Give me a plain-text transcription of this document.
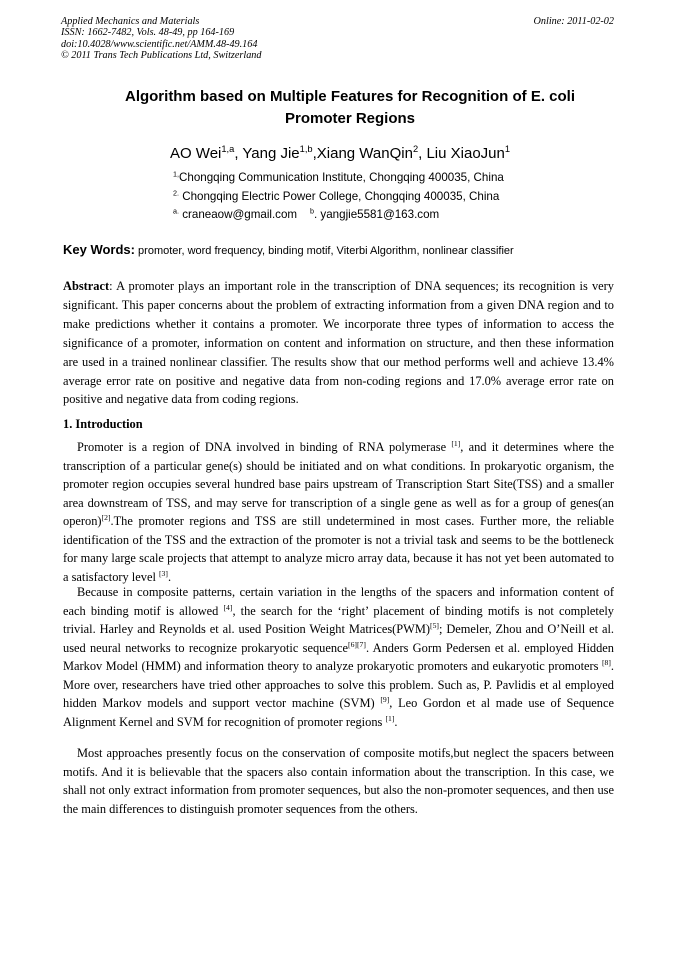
Applied Mechanics and Materials
ISSN: 1662-7482, Vols. 48-49, pp 164-169
doi:10.4028/www.scientific.net/AMM.48-49.164
© 2011 Trans Tech Publications Ltd, Switzerland
Online: 2011-02-02
Algorithm based on Multiple Features for Recognition of E. coli Promoter Regions
AO Wei$^{1,a}$, Yang Jie$^{1,b}$,Xiang WanQin$^2$, Liu XiaoJun$^1$
$^{1,}$Chongqing Communication Institute, Chongqing 400035, China
$^{2.}$ Chongqing Electric Power College, Chongqing 400035, China
$^{a.}$ craneaow@gmail.com $^b$. yangjie5581@163.com
Key Words: promoter, word frequency, binding motif, Viterbi Algorithm, nonlinear classifier

Abstract: A promoter plays an important role in the transcription of DNA sequences; its recognition is very significant. This paper concerns about the problem of extracting information from a given DNA region and to make predictions whether it contains a promoter. We incorporate three types of information to access the significance of a promoter, information on content and information on structure, and then these information are used in a trained nonlinear classifier. The results show that our method performs well and achieve 13.4% average error rate on positive and negative data from non-coding regions and 17.0% average error rate on positive and negative data from coding regions.

1. Introduction

Promoter is a region of DNA involved in binding of RNA polymerase [1], and it determines where the transcription of a particular gene(s) should be initiated and on what conditions. In prokaryotic organism, the promoter region occupies several hundred base pairs upstream of Transcription Start Site(TSS) and a smaller area downstream of TSS, and may serve for transcription of a single gene as well as for a group of genes(an operon)[2].The promoter regions and TSS are still undetermined in most cases. Further more, the reliable identification of the TSS and the extraction of the promoter is not a trivial task and seems to be the bottleneck for many large scale projects that attempt to analyze micro array data, because it has not yet been automated to a satisfactory level [3].

Because in composite patterns, certain variation in the lengths of the spacers and information content of each binding motif is allowed [4], the search for the ‘right’ placement of binding motifs is not completely trivial. Harley and Reynolds et al. used Position Weight Matrices(PWM)[5]; Demeler, Zhou and O’Neill et al. used neural networks to recognize prokaryotic sequence[6][7]. Anders Gorm Pedersen et al. employed Hidden Markov Model (HMM) and information theory to analyze prokaryotic promoters and eukaryotic promoters [8]. More over, researchers have tried other approaches to solve this problem. Such as, P. Pavlidis et al employed hidden Markov models and support vector machine (SVM) [9], Leo Gordon et al made use of Sequence Alignment Kernel and SVM for recognition of promoter regions [1].

Most approaches presently focus on the conservation of composite motifs,but neglect the spacers between motifs. And it is believable that the spacers also contain information about the transcription. In this case, we shall not only extract information from promoter sequences, but also the non-promoter sequences, and then use the main differences to distinguish promoter sequences from the others.
